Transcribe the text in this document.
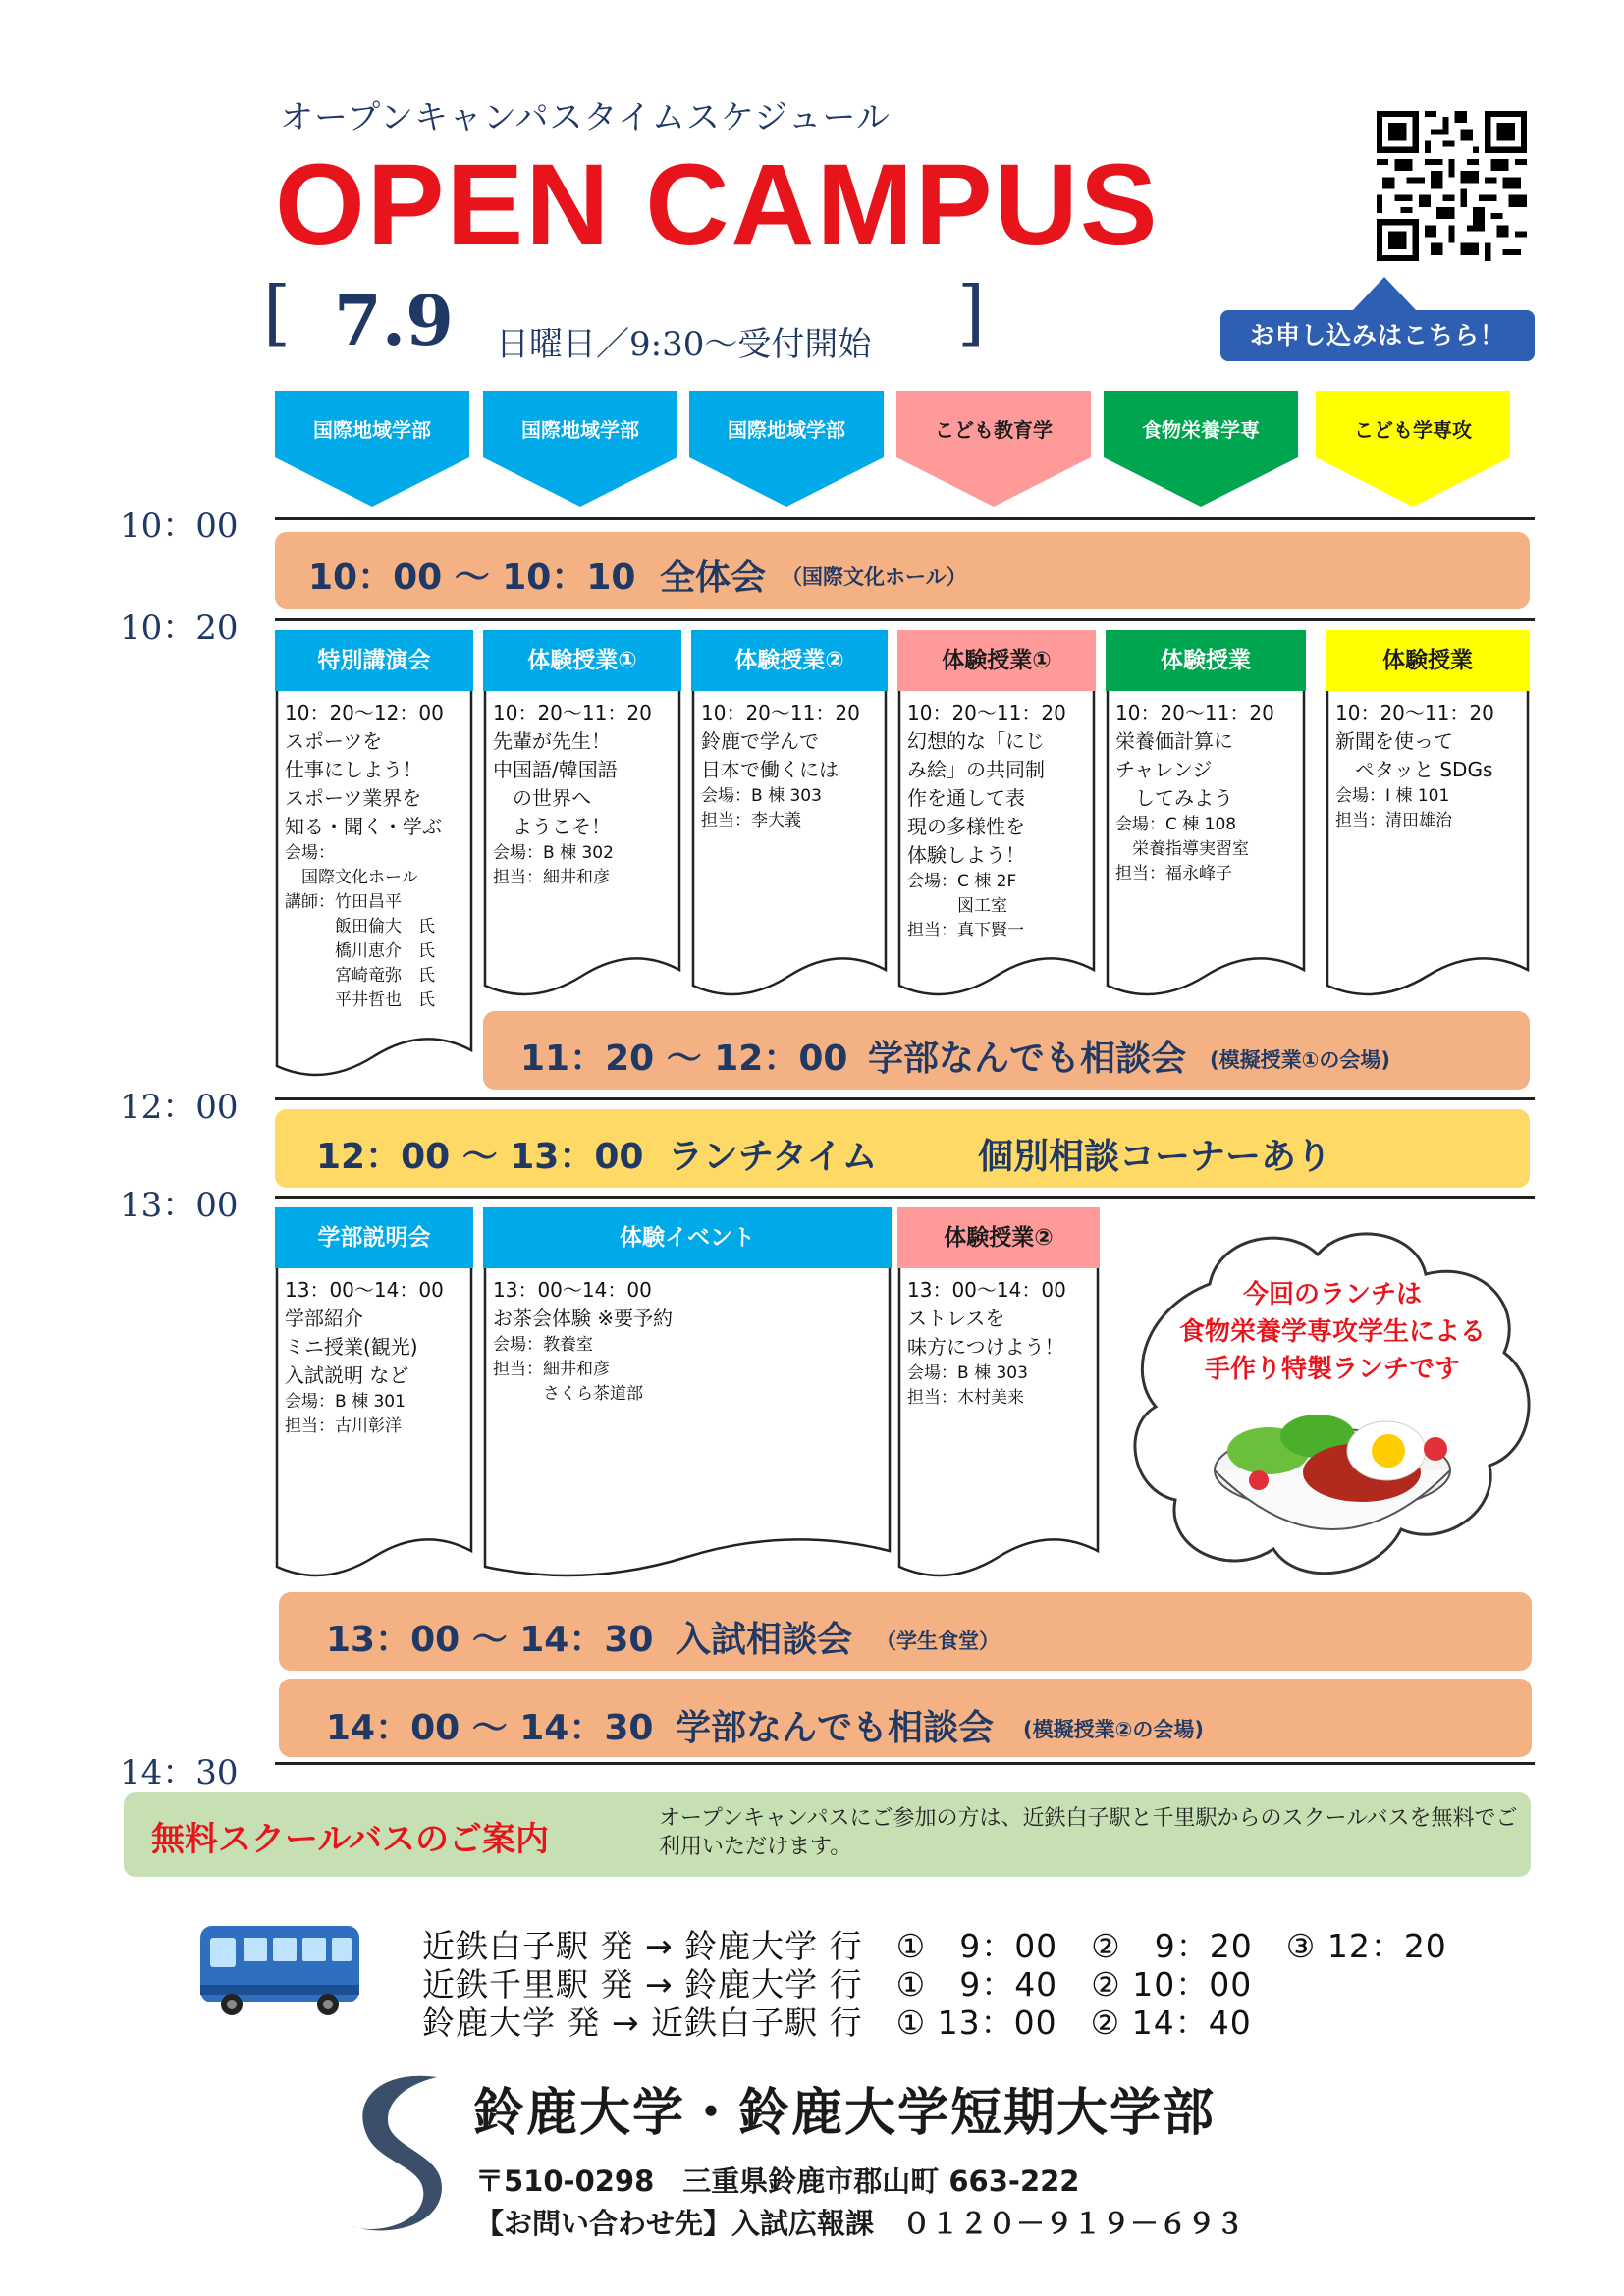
オープンキャンパスタイムスケジュール
OPEN CAMPUS
[ 7.9 日曜日／9:30～受付開始 ]	お申し込みはこちら！
国際地域学部	国際地域学部	国際地域学部	こども教育学	食物栄養学専	こども学専攻
10：00
10：20
12：00
13：00
14：30
10：00 ～ 10：10 全体会 （国際文化ホール）
特別講演会
10：20～12：00
スポーツを
仕事にしよう！
スポーツ業界を
知る・聞く・学ぶ
会場：
　国際文化ホール
講師：竹田昌平
　　　飯田倫大　氏
　　　橋川恵介　氏
　　　宮崎竜弥　氏
　　　平井哲也　氏
体験授業①
10：20～11：20
先輩が先生！
中国語/韓国語
　の世界へ
　ようこそ！
会場：B 棟 302
担当：細井和彦
体験授業②
10：20～11：20
鈴鹿で学んで
日本で働くには
会場：B 棟 303
担当：李大義
体験授業①
10：20～11：20
幻想的な「にじ
み絵」の共同制
作を通して表
現の多様性を
体験しよう！
会場：C 棟 2F
　　　図工室
担当：真下賢一
体験授業
10：20～11：20
栄養価計算に
チャレンジ
　してみよう
会場：C 棟 108
　栄養指導実習室
担当：福永峰子
体験授業
10：20～11：20
新聞を使って
　ペタッと SDGs
会場：I 棟 101
担当：清田雄治
11：20 ～ 12：00 学部なんでも相談会 (模擬授業①の会場)
12：00 ～ 13：00 ランチタイム	個別相談コーナーあり
学部説明会
13：00～14：00
学部紹介
ミニ授業(観光)
入試説明 など
会場：B 棟 301
担当：古川彰洋
体験イベント
13：00～14：00
お茶会体験 ※要予約
会場：教養室
担当：細井和彦
　　　さくら茶道部
体験授業②
13：00～14：00
ストレスを
味方につけよう！
会場：B 棟 303
担当：木村美来
今回のランチは
食物栄養学専攻学生による
手作り特製ランチです
13：00 ～ 14：30 入試相談会 （学生食堂）
14：00 ～ 14：30 学部なんでも相談会 (模擬授業②の会場)
無料スクールバスのご案内
オープンキャンパスにご参加の方は、近鉄白子駅と千里駅からのスクールバスを無料でご利用いただけます。
近鉄白子駅 発 → 鈴鹿大学 行　①　9：00　②　9：20　③ 12：20
近鉄千里駅 発 → 鈴鹿大学 行　①　9：40　② 10：00
鈴鹿大学 発 → 近鉄白子駅 行　① 13：00　② 14：40
鈴鹿大学・鈴鹿大学短期大学部
〒510-0298　三重県鈴鹿市郡山町 663-222
【お問い合わせ先】入試広報課　０１２０－９１９－６９３
